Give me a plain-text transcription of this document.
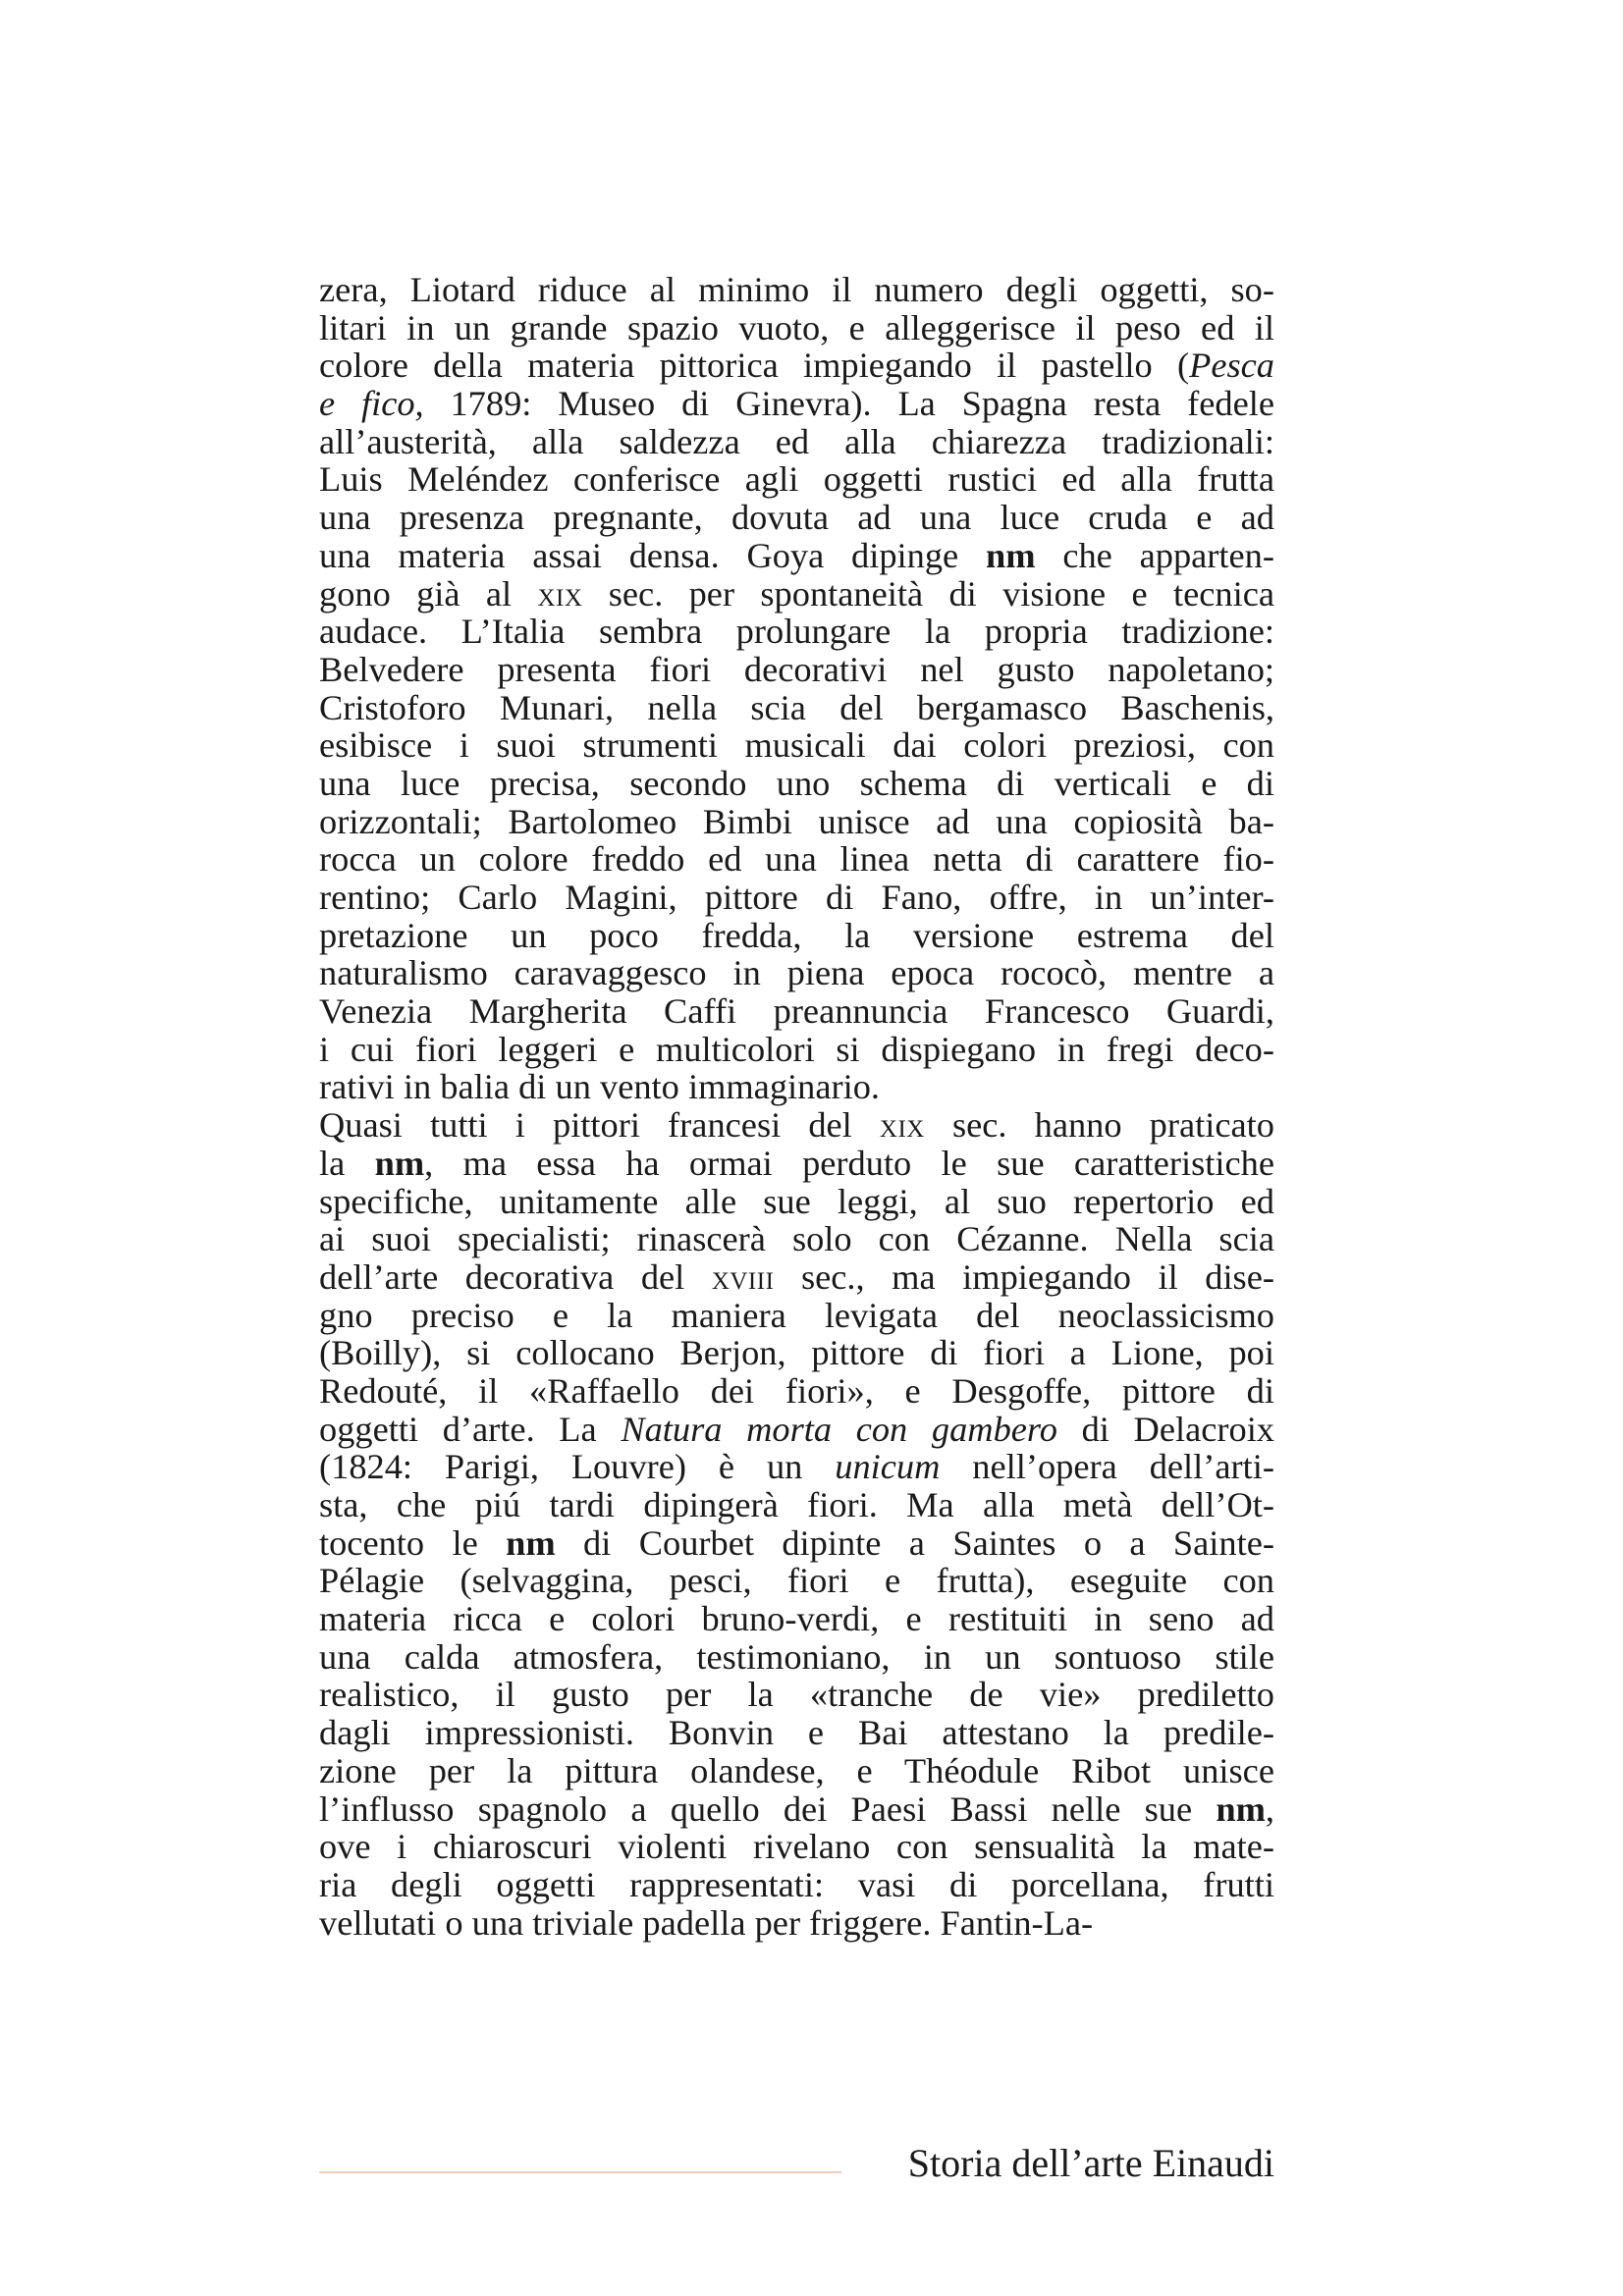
zera, Liotard riduce al minimo il numero degli oggetti, so-
litari in un grande spazio vuoto, e alleggerisce il peso ed il
colore della materia pittorica impiegando il pastello (Pesca
e fico, 1789: Museo di Ginevra). La Spagna resta fedele
all’austerità, alla saldezza ed alla chiarezza tradizionali:
Luis Meléndez conferisce agli oggetti rustici ed alla frutta
una presenza pregnante, dovuta ad una luce cruda e ad
una materia assai densa. Goya dipinge nm che apparten-
gono già al xix sec. per spontaneità di visione e tecnica
audace. L’Italia sembra prolungare la propria tradizione:
Belvedere presenta fiori decorativi nel gusto napoletano;
Cristoforo Munari, nella scia del bergamasco Baschenis,
esibisce i suoi strumenti musicali dai colori preziosi, con
una luce precisa, secondo uno schema di verticali e di
orizzontali; Bartolomeo Bimbi unisce ad una copiosità ba-
rocca un colore freddo ed una linea netta di carattere fio-
rentino; Carlo Magini, pittore di Fano, offre, in un’inter-
pretazione un poco fredda, la versione estrema del
naturalismo caravaggesco in piena epoca rococò, mentre a
Venezia Margherita Caffi preannuncia Francesco Guardi,
i cui fiori leggeri e multicolori si dispiegano in fregi deco-
rativi in balia di un vento immaginario.
Quasi tutti i pittori francesi del xix sec. hanno praticato
la nm, ma essa ha ormai perduto le sue caratteristiche
specifiche, unitamente alle sue leggi, al suo repertorio ed
ai suoi specialisti; rinascerà solo con Cézanne. Nella scia
dell’arte decorativa del xviii sec., ma impiegando il dise-
gno preciso e la maniera levigata del neoclassicismo
(Boilly), si collocano Berjon, pittore di fiori a Lione, poi
Redouté, il «Raffaello dei fiori», e Desgoffe, pittore di
oggetti d’arte. La Natura morta con gambero di Delacroix
(1824: Parigi, Louvre) è un unicum nell’opera dell’arti-
sta, che piú tardi dipingerà fiori. Ma alla metà dell’Ot-
tocento le nm di Courbet dipinte a Saintes o a Sainte-
Pélagie (selvaggina, pesci, fiori e frutta), eseguite con
materia ricca e colori bruno-verdi, e restituiti in seno ad
una calda atmosfera, testimoniano, in un sontuoso stile
realistico, il gusto per la «tranche de vie» prediletto
dagli impressionisti. Bonvin e Bai attestano la predile-
zione per la pittura olandese, e Théodule Ribot unisce
l’influsso spagnolo a quello dei Paesi Bassi nelle sue nm,
ove i chiaroscuri violenti rivelano con sensualità la mate-
ria degli oggetti rappresentati: vasi di porcellana, frutti
vellutati o una triviale padella per friggere. Fantin-La-
Storia dell’arte Einaudi
